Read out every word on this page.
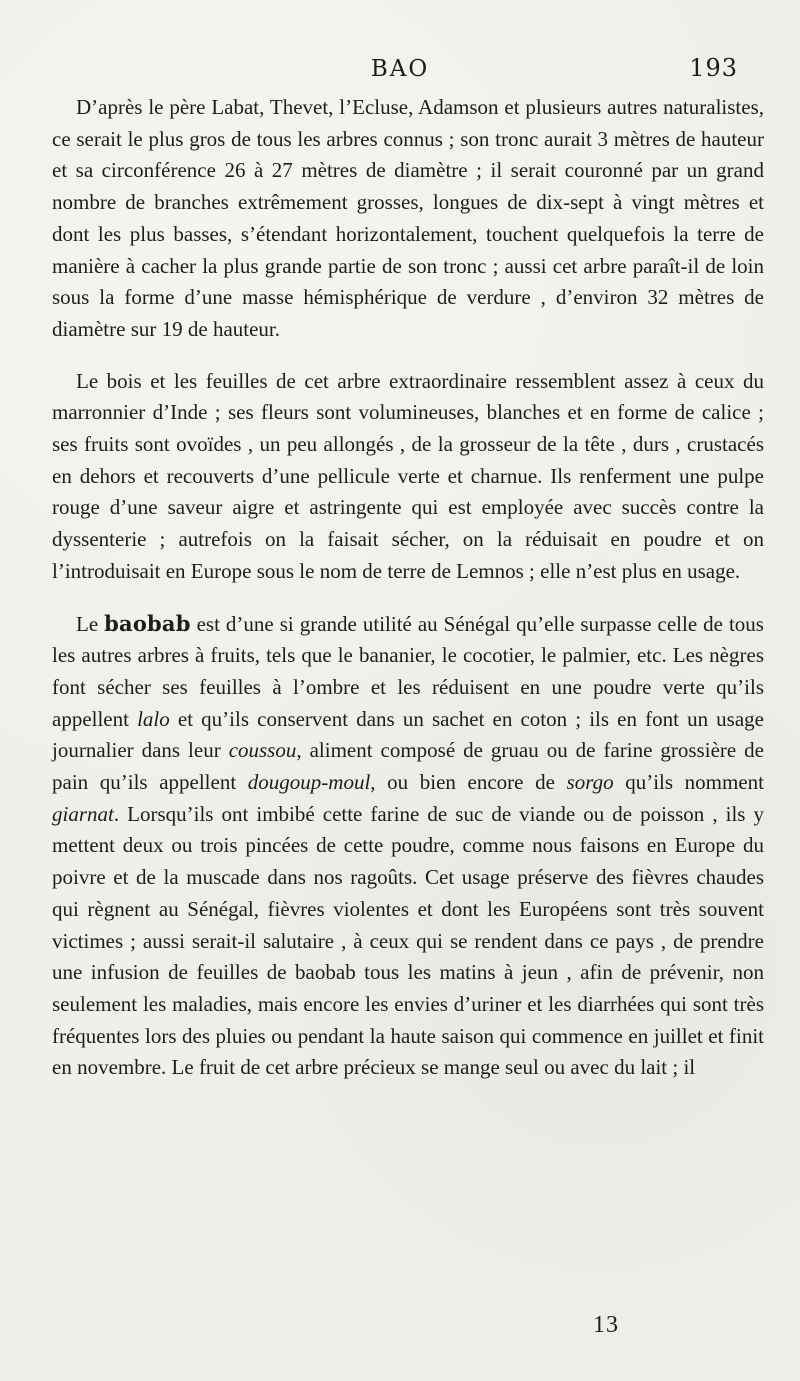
BAO	193

D’après le père Labat, Thevet, l’Ecluse, Adamson et plusieurs autres naturalistes, ce serait le plus gros de tous les arbres connus ; son tronc aurait 3 mètres de hauteur et sa circonférence 26 à 27 mètres de diamètre ; il serait couronné par un grand nombre de branches extrêmement grosses, longues de dix-sept à vingt mètres et dont les plus basses, s’étendant horizontalement, touchent quelquefois la terre de manière à cacher la plus grande partie de son tronc ; aussi cet arbre paraît-il de loin sous la forme d’une masse hémisphérique de verdure , d’environ 32 mètres de diamètre sur 19 de hauteur.

Le bois et les feuilles de cet arbre extraordinaire ressemblent assez à ceux du marronnier d’Inde ; ses fleurs sont volumineuses, blanches et en forme de calice ; ses fruits sont ovoïdes , un peu allongés , de la grosseur de la tête , durs , crustacés en dehors et recouverts d’une pellicule verte et charnue. Ils renferment une pulpe rouge d’une saveur aigre et astringente qui est employée avec succès contre la dyssenterie ; autrefois on la faisait sécher, on la réduisait en poudre et on l’introduisait en Europe sous le nom de terre de Lemnos ; elle n’est plus en usage.

Le baobab est d’une si grande utilité au Sénégal qu’elle surpasse celle de tous les autres arbres à fruits, tels que le bananier, le cocotier, le palmier, etc. Les nègres font sécher ses feuilles à l’ombre et les réduisent en une poudre verte qu’ils appellent lalo et qu’ils conservent dans un sachet en coton ; ils en font un usage journalier dans leur coussou, aliment composé de gruau ou de farine grossière de pain qu’ils appellent dougoup-moul, ou bien encore de sorgo qu’ils nomment giarnat. Lorsqu’ils ont imbibé cette farine de suc de viande ou de poisson , ils y mettent deux ou trois pincées de cette poudre, comme nous faisons en Europe du poivre et de la muscade dans nos ragoûts. Cet usage préserve des fièvres chaudes qui règnent au Sénégal, fièvres violentes et dont les Européens sont très souvent victimes ; aussi serait-il salutaire , à ceux qui se rendent dans ce pays , de prendre une infusion de feuilles de baobab tous les matins à jeun , afin de prévenir, non seulement les maladies, mais encore les envies d’uriner et les diarrhées qui sont très fréquentes lors des pluies ou pendant la haute saison qui commence en juillet et finit en novembre. Le fruit de cet arbre précieux se mange seul ou avec du lait ; il

13
